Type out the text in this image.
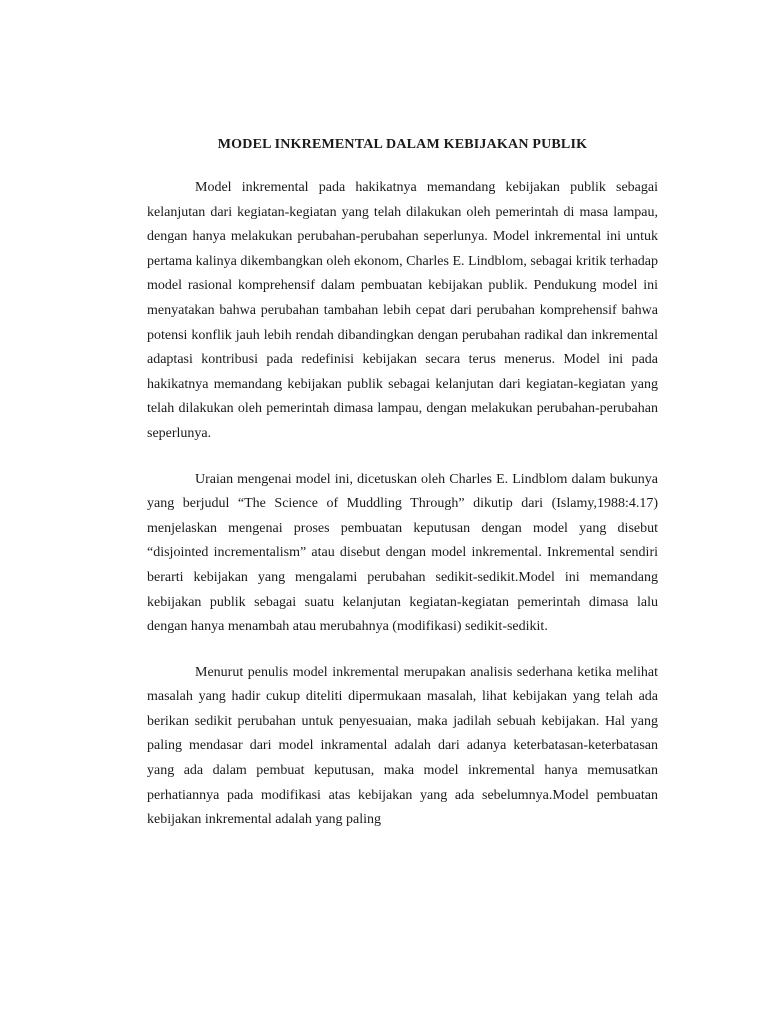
MODEL INKREMENTAL DALAM KEBIJAKAN PUBLIK

Model inkremental pada hakikatnya memandang kebijakan publik sebagai kelanjutan dari kegiatan-kegiatan yang telah dilakukan oleh pemerintah di masa lampau, dengan hanya melakukan perubahan-perubahan seperlunya. Model inkremental ini untuk pertama kalinya dikembangkan oleh ekonom, Charles E. Lindblom, sebagai kritik terhadap model rasional komprehensif dalam pembuatan kebijakan publik. Pendukung model ini menyatakan bahwa perubahan tambahan lebih cepat dari perubahan komprehensif bahwa potensi konflik jauh lebih rendah dibandingkan dengan perubahan radikal dan inkremental adaptasi kontribusi pada redefinisi kebijakan secara terus menerus. Model ini pada hakikatnya memandang kebijakan publik sebagai kelanjutan dari kegiatan-kegiatan yang telah dilakukan oleh pemerintah dimasa lampau, dengan melakukan perubahan-perubahan seperlunya.

Uraian mengenai model ini, dicetuskan oleh Charles E. Lindblom dalam bukunya yang berjudul “The Science of Muddling Through” dikutip dari (Islamy,1988:4.17) menjelaskan mengenai proses pembuatan keputusan dengan model yang disebut “disjointed incrementalism” atau disebut dengan model inkremental. Inkremental sendiri berarti kebijakan yang mengalami perubahan sedikit-sedikit.Model ini memandang kebijakan publik sebagai suatu kelanjutan kegiatan-kegiatan pemerintah dimasa lalu dengan hanya menambah atau merubahnya (modifikasi) sedikit-sedikit.

Menurut penulis model inkremental merupakan analisis sederhana ketika melihat masalah yang hadir cukup diteliti dipermukaan masalah, lihat kebijakan yang telah ada berikan sedikit perubahan untuk penyesuaian, maka jadilah sebuah kebijakan. Hal yang paling mendasar dari model inkramental adalah dari adanya keterbatasan-keterbatasan yang ada dalam pembuat keputusan, maka model inkremental hanya memusatkan perhatiannya pada modifikasi atas kebijakan yang ada sebelumnya.Model pembuatan kebijakan inkremental adalah yang paling
